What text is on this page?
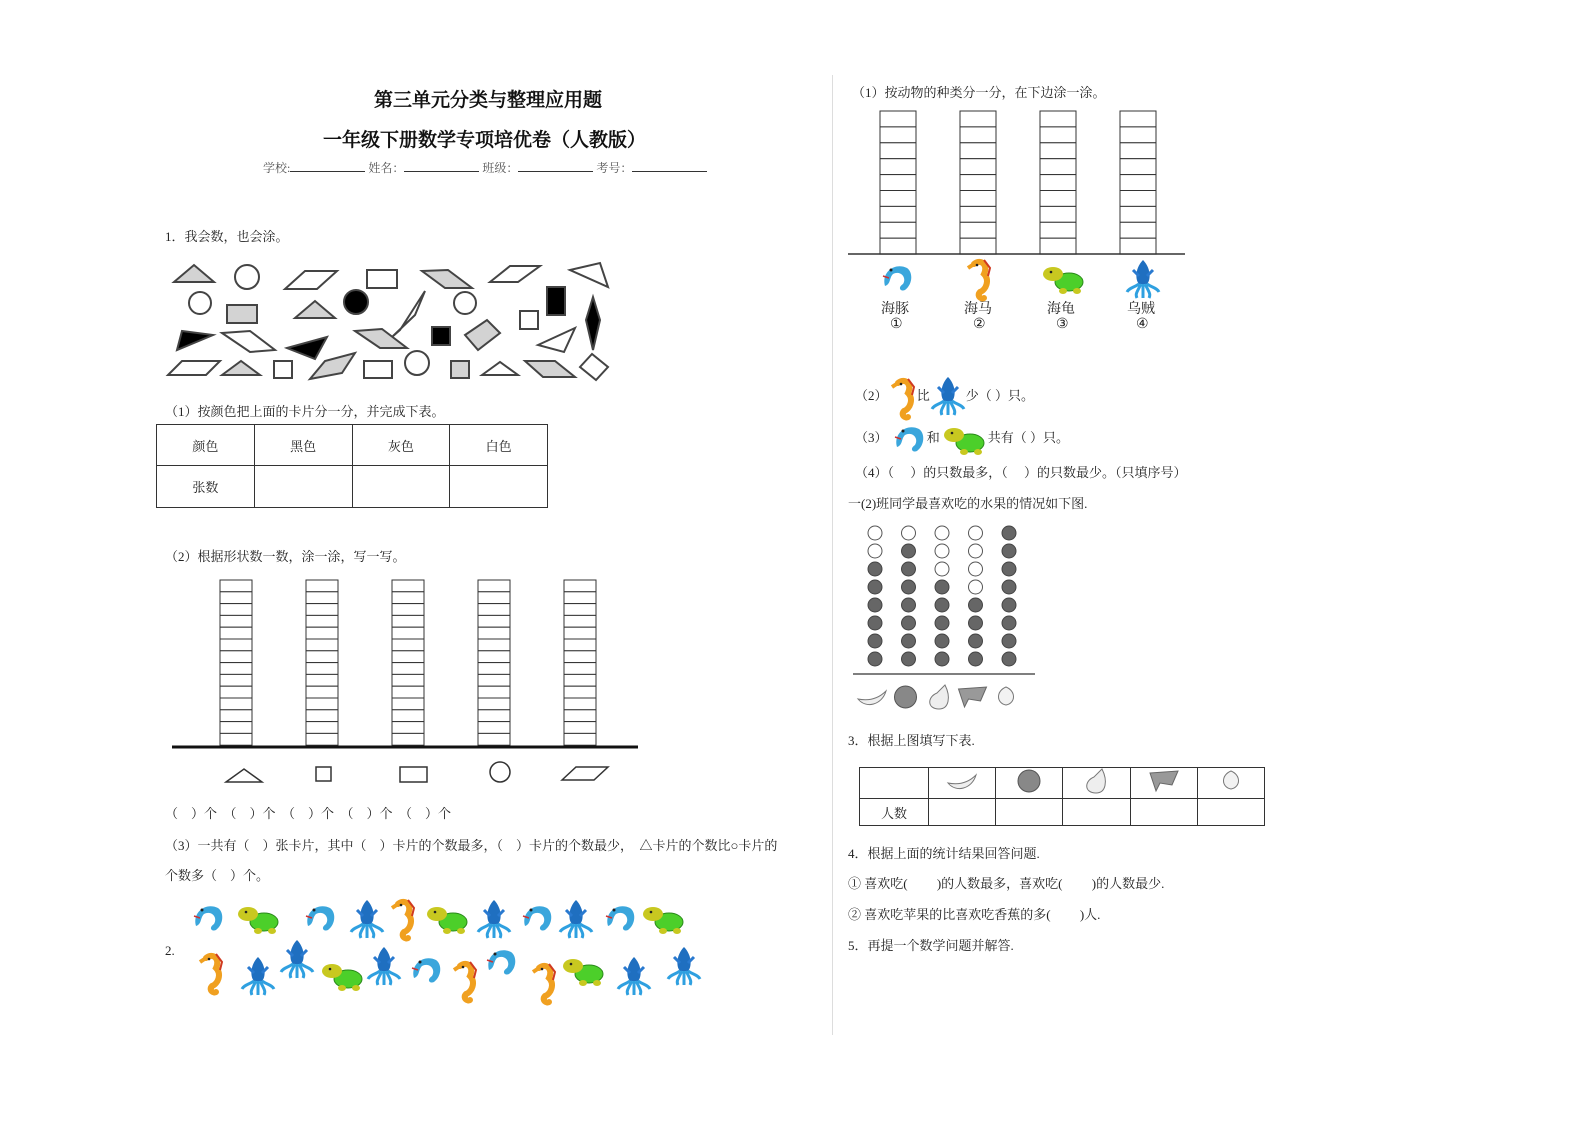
第三单元分类与整理应用题
一年级下册数学专项培优卷（人教版）
学校:	姓名：	班级：	考号：
1．我会数，也会涂。
（1）按颜色把上面的卡片分一分，并完成下表。
颜色	黑色	灰色	白色
张数			
（2）根据形状数一数，涂一涂，写一写。
（　）个　（　）个　（　）个　（　）个　（　）个
（3）一共有（　）张卡片，其中（　）卡片的个数最多，（　）卡片的个数最少，　△卡片的个数比○卡片的
个数多（　）个。
2.
（1）按动物的种类分一分，在下边涂一涂。
海豚
①
海马
②
海龟
③
乌贼
④
（2） 比	少（ ）只。
（3）	和	共有（ ）只。
（4）（　 ）的只数最多，（　 ）的只数最少。（只填序号）
一(2)班同学最喜欢吃的水果的情况如下图.
3．根据上图填写下表.

人数					
4．根据上面的统计结果回答问题.
① 喜欢吃(　　 )的人数最多，喜欢吃(　　 )的人数最少.
② 喜欢吃苹果的比喜欢吃香蕉的多(　　 )人.
5．再提一个数学问题并解答.
